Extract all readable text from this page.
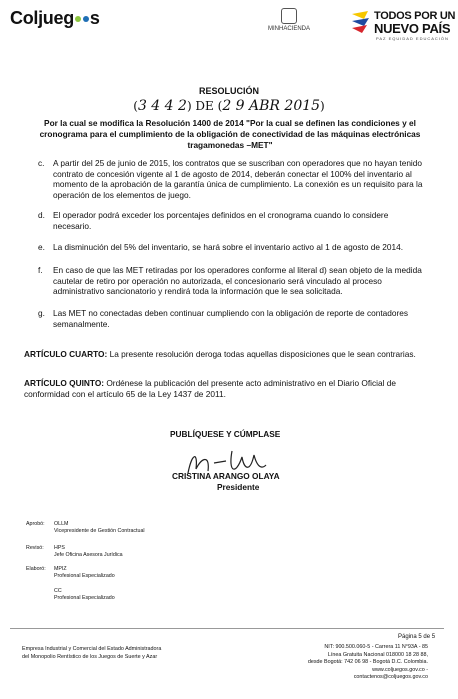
Coljueg s
MINHACIENDA
TODOS POR UN
NUEVO PAÍS
PAZ EQUIDAD EDUCACIÓN
RESOLUCIÓN
(3 4 4 2) DE (2 9 ABR 2015)
Por la cual se modifica la Resolución 1400 de 2014 "Por la cual se definen las condiciones y el cronograma para el cumplimiento de la obligación de conectividad de las máquinas electrónicas tragamonedas –MET"
c. A partir del 25 de junio de 2015, los contratos que se suscriban con operadores que no hayan tenido contrato de concesión vigente al 1 de agosto de 2014, deberán conectar el 100% del inventario al momento de la aprobación de la garantía única de cumplimiento. La conexión es un requisito para la operación de los elementos de juego.
d. El operador podrá exceder los porcentajes definidos en el cronograma cuando lo considere necesario.
e. La disminución del 5% del inventario, se hará sobre el inventario activo al 1 de agosto de 2014.
f. En caso de que las MET retiradas por los operadores conforme al literal d) sean objeto de la medida cautelar de retiro por operación no autorizada, el concesionario será vinculado al proceso administrativo sancionatorio y rendirá toda la información que le sea solicitada.
g. Las MET no conectadas deben continuar cumpliendo con la obligación de reporte de contadores semanalmente.
ARTÍCULO CUARTO: La presente resolución deroga todas aquellas disposiciones que le sean contrarias.
ARTÍCULO QUINTO: Ordénese la publicación del presente acto administrativo en el Diario Oficial de conformidad con el artículo 65 de la Ley 1437 de 2011.
PUBLÍQUESE Y CÚMPLASE
CRISTINA ARANGO OLAYA
Presidente
Aprobó: OLLM
Vicepresidente de Gestión Contractual
Revisó: HPS
Jefe Oficina Asesora Jurídica
Elaboró: MPIZ
Profesional Especializado
CC
Profesional Especializado
Página 5 de 5
Empresa Industrial y Comercial del Estado Administradora
del Monopolio Rentístico de los Juegos de Suerte y Azar
NIT: 900.500.060-5 - Carrera 11 N°93A - 85
Línea Gratuita Nacional 018000 18 28 88,
desde Bogotá: 742 06 98 - Bogotá D.C. Colombia.
www.coljuegos.gov.co - contactenos@coljuegos.gov.co
